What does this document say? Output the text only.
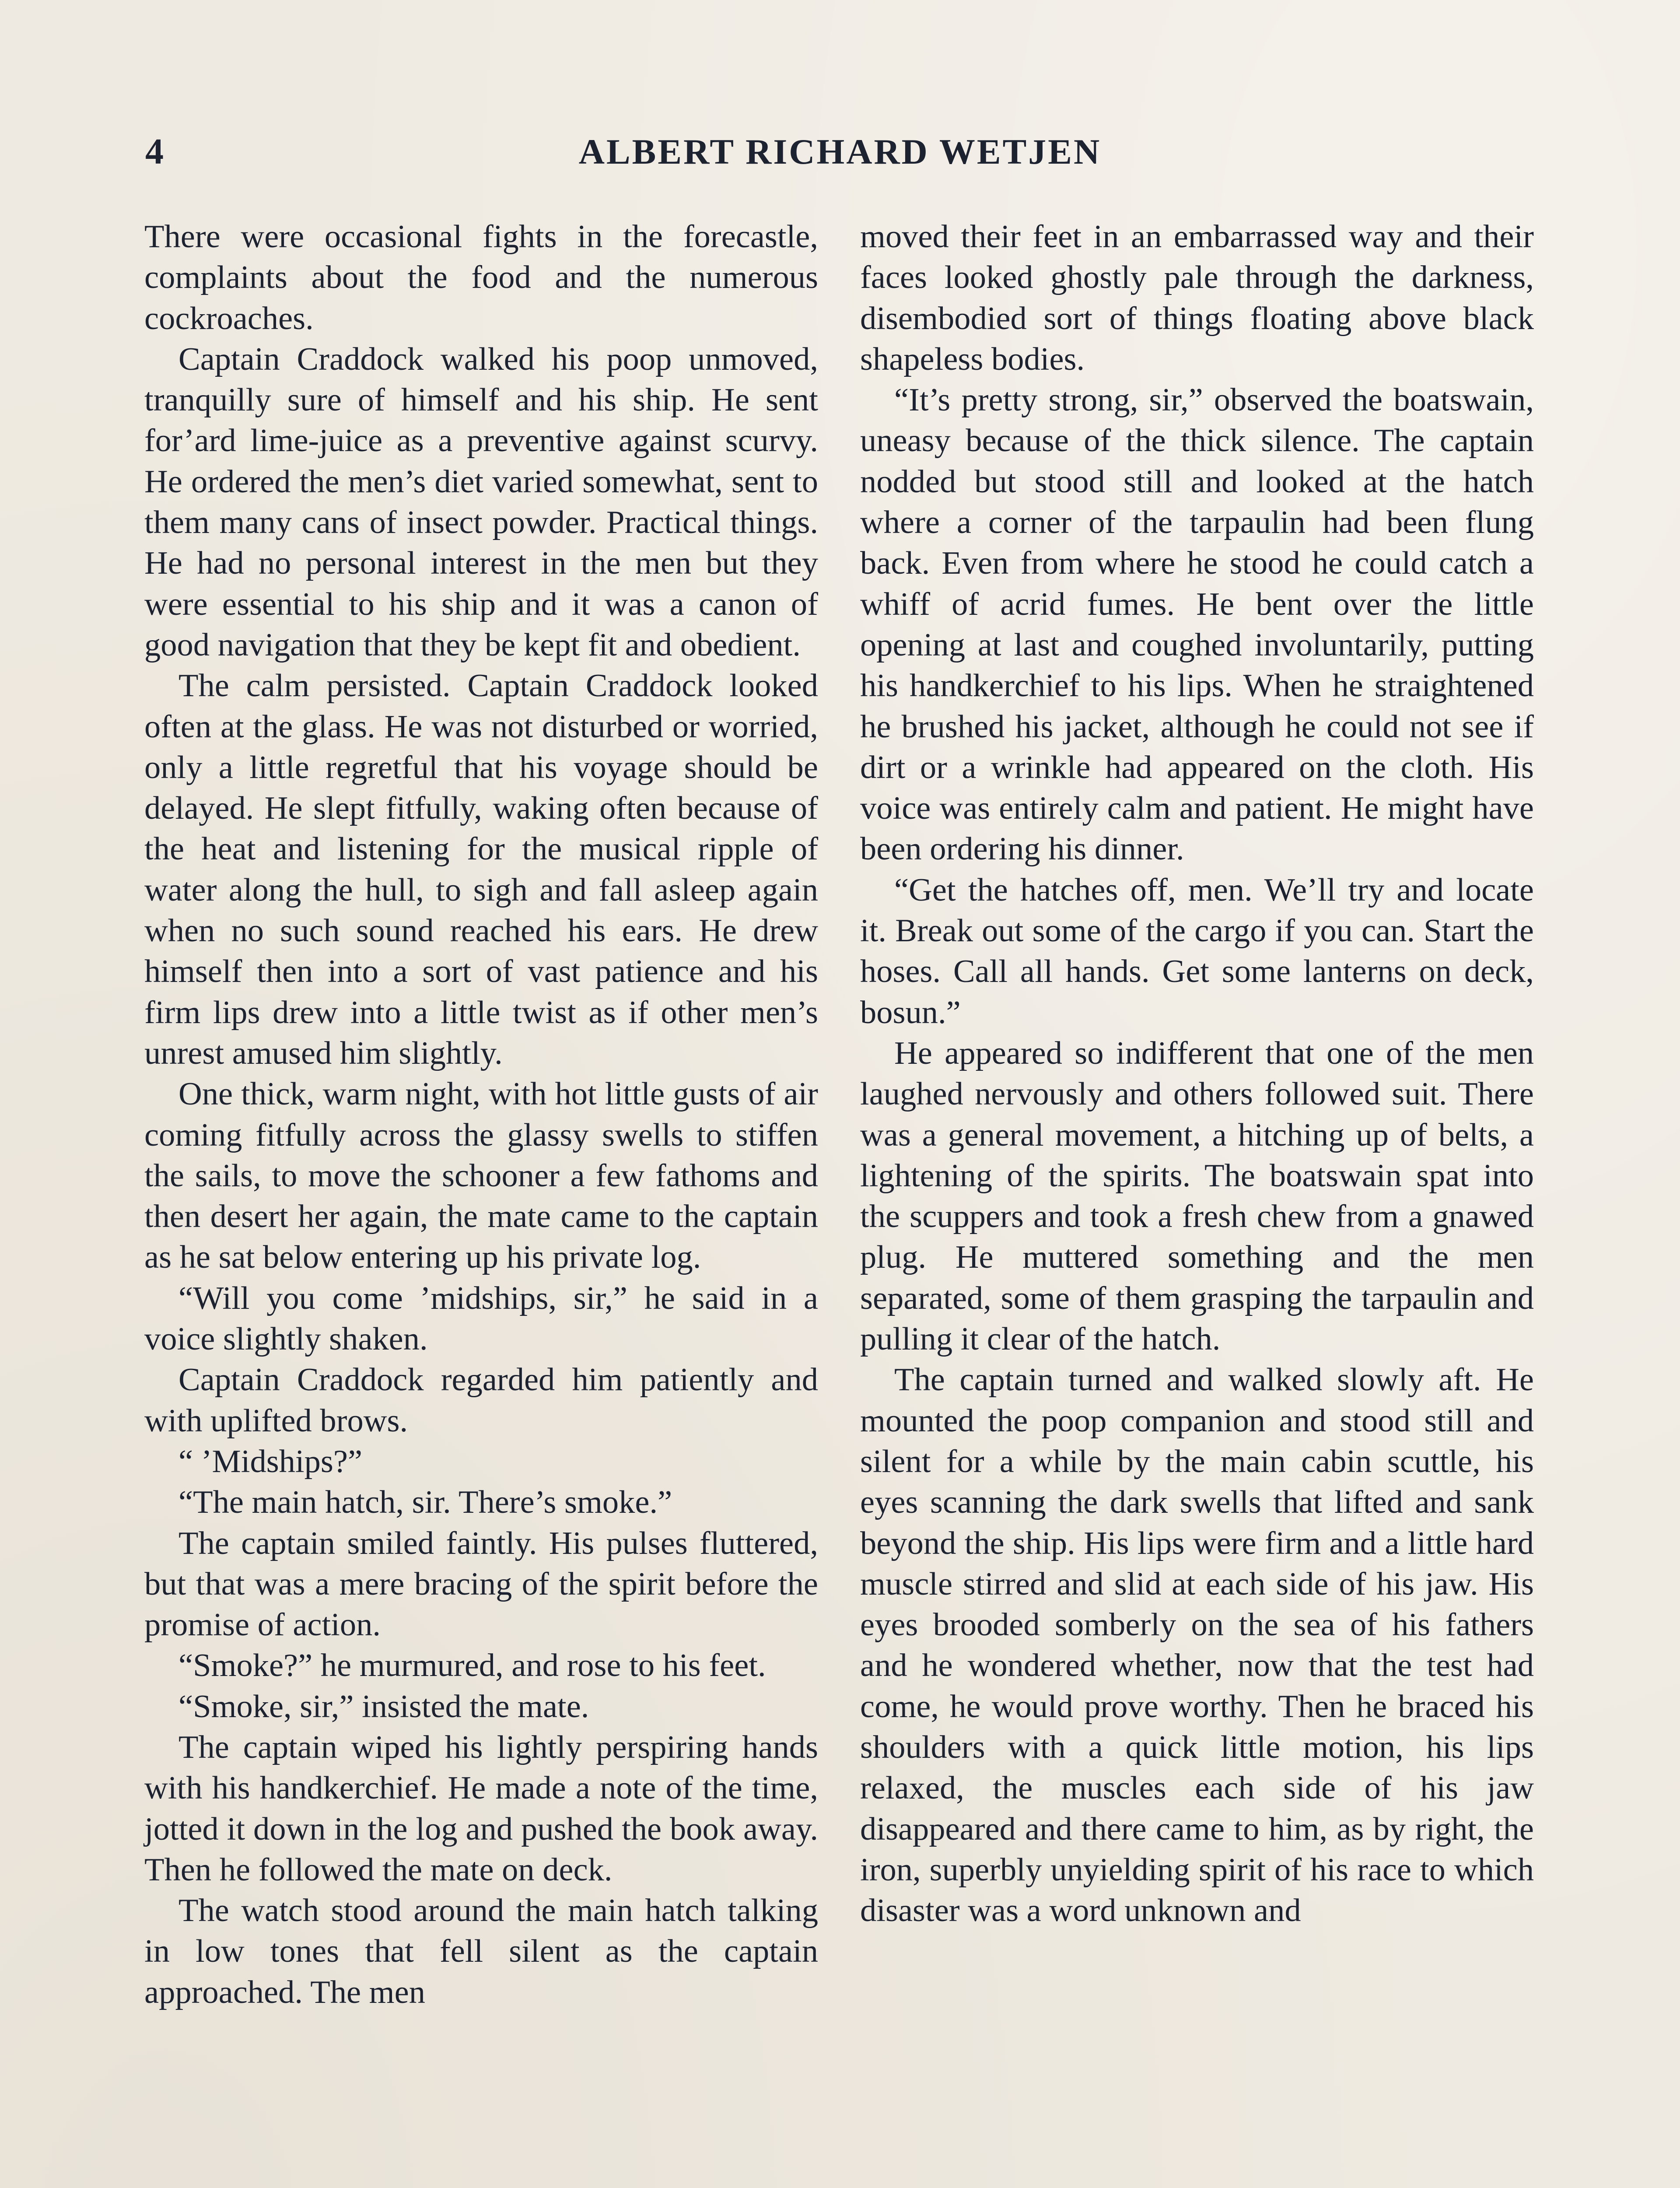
4	ALBERT RICHARD WETJEN

There were occasional fights in the forecastle, complaints about the food and the numerous cockroaches.

Captain Craddock walked his poop unmoved, tranquilly sure of himself and his ship. He sent for’ard lime-juice as a preventive against scurvy. He ordered the men’s diet varied somewhat, sent to them many cans of insect powder. Practical things. He had no personal interest in the men but they were essential to his ship and it was a canon of good navigation that they be kept fit and obedient.

The calm persisted. Captain Craddock looked often at the glass. He was not disturbed or worried, only a little regretful that his voyage should be delayed. He slept fitfully, waking often because of the heat and listening for the musical ripple of water along the hull, to sigh and fall asleep again when no such sound reached his ears. He drew himself then into a sort of vast patience and his firm lips drew into a little twist as if other men’s unrest amused him slightly.

One thick, warm night, with hot little gusts of air coming fitfully across the glassy swells to stiffen the sails, to move the schooner a few fathoms and then desert her again, the mate came to the captain as he sat below entering up his private log.

“Will you come ’midships, sir,” he said in a voice slightly shaken.

Captain Craddock regarded him patiently and with uplifted brows.

“ ’Midships?”

“The main hatch, sir. There’s smoke.”

The captain smiled faintly. His pulses fluttered, but that was a mere bracing of the spirit before the promise of action.

“Smoke?” he murmured, and rose to his feet.

“Smoke, sir,” insisted the mate.

The captain wiped his lightly perspiring hands with his handkerchief. He made a note of the time, jotted it down in the log and pushed the book away. Then he followed the mate on deck.

The watch stood around the main hatch talking in low tones that fell silent as the captain approached. The men

moved their feet in an embarrassed way and their faces looked ghostly pale through the darkness, disembodied sort of things floating above black shapeless bodies.

“It’s pretty strong, sir,” observed the boatswain, uneasy because of the thick silence. The captain nodded but stood still and looked at the hatch where a corner of the tarpaulin had been flung back. Even from where he stood he could catch a whiff of acrid fumes. He bent over the little opening at last and coughed involuntarily, putting his handkerchief to his lips. When he straightened he brushed his jacket, although he could not see if dirt or a wrinkle had appeared on the cloth. His voice was entirely calm and patient. He might have been ordering his dinner.

“Get the hatches off, men. We’ll try and locate it. Break out some of the cargo if you can. Start the hoses. Call all hands. Get some lanterns on deck, bosun.”

He appeared so indifferent that one of the men laughed nervously and others followed suit. There was a general movement, a hitching up of belts, a lightening of the spirits. The boatswain spat into the scuppers and took a fresh chew from a gnawed plug. He muttered something and the men separated, some of them grasping the tarpaulin and pulling it clear of the hatch.

The captain turned and walked slowly aft. He mounted the poop companion and stood still and silent for a while by the main cabin scuttle, his eyes scanning the dark swells that lifted and sank beyond the ship. His lips were firm and a little hard muscle stirred and slid at each side of his jaw. His eyes brooded somberly on the sea of his fathers and he wondered whether, now that the test had come, he would prove worthy. Then he braced his shoulders with a quick little motion, his lips relaxed, the muscles each side of his jaw disappeared and there came to him, as by right, the iron, superbly unyielding spirit of his race to which disaster was a word unknown and
